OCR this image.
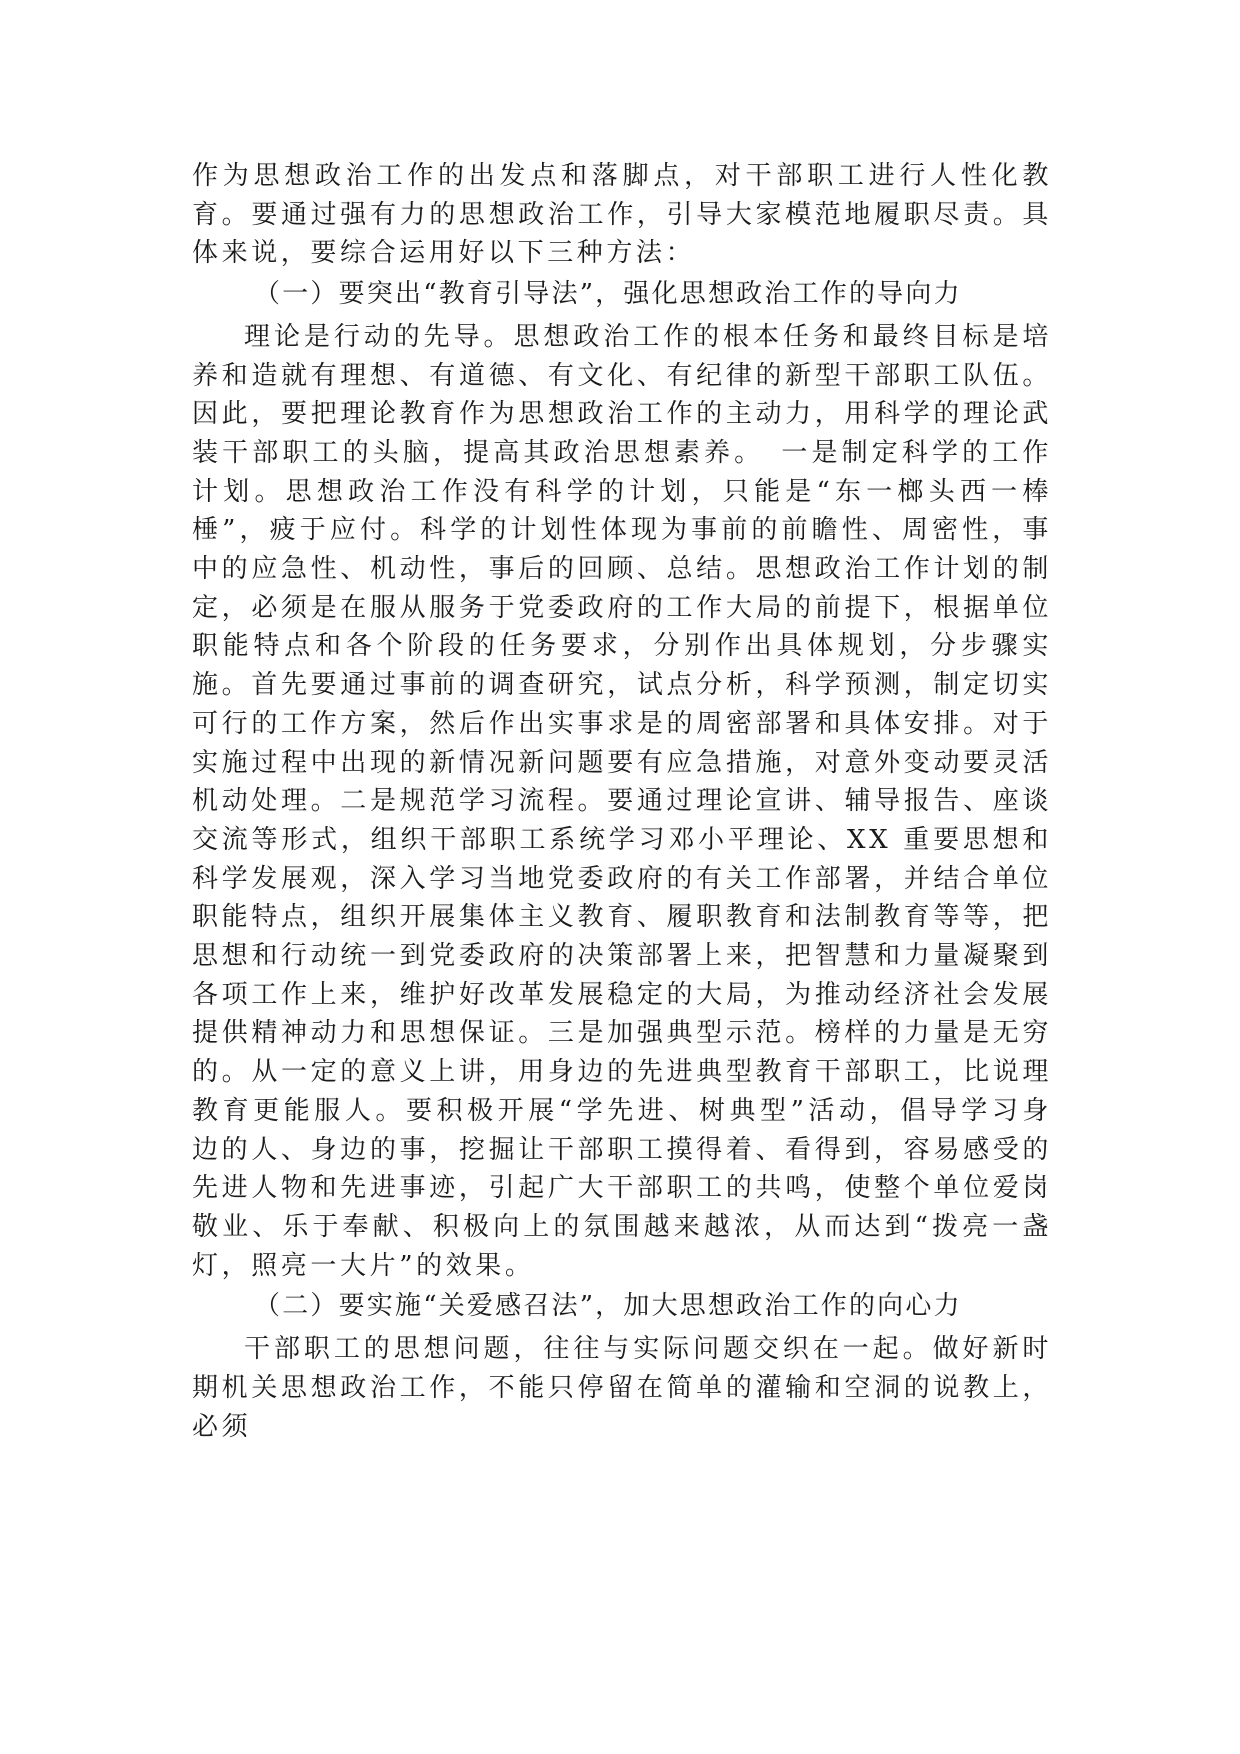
作为思想政治工作的出发点和落脚点，对干部职工进行人性化教育。要通过强有力的思想政治工作，引导大家模范地履职尽责。具体来说，要综合运用好以下三种方法：

（一）要突出“教育引导法”，强化思想政治工作的导向力

理论是行动的先导。思想政治工作的根本任务和最终目标是培养和造就有理想、有道德、有文化、有纪律的新型干部职工队伍。因此，要把理论教育作为思想政治工作的主动力，用科学的理论武装干部职工的头脑，提高其政治思想素养。　一是制定科学的工作计划。思想政治工作没有科学的计划，只能是“东一榔头西一棒棰”，疲于应付。科学的计划性体现为事前的前瞻性、周密性，事中的应急性、机动性，事后的回顾、总结。思想政治工作计划的制定，必须是在服从服务于党委政府的工作大局的前提下，根据单位职能特点和各个阶段的任务要求，分别作出具体规划，分步骤实施。首先要通过事前的调查研究，试点分析，科学预测，制定切实可行的工作方案，然后作出实事求是的周密部署和具体安排。对于实施过程中出现的新情况新问题要有应急措施，对意外变动要灵活机动处理。二是规范学习流程。要通过理论宣讲、辅导报告、座谈交流等形式，组织干部职工系统学习邓小平理论、XX 重要思想和科学发展观，深入学习当地党委政府的有关工作部署，并结合单位职能特点，组织开展集体主义教育、履职教育和法制教育等等，把思想和行动统一到党委政府的决策部署上来，把智慧和力量凝聚到各项工作上来，维护好改革发展稳定的大局，为推动经济社会发展提供精神动力和思想保证。三是加强典型示范。榜样的力量是无穷的。从一定的意义上讲，用身边的先进典型教育干部职工，比说理教育更能服人。要积极开展“学先进、树典型”活动，倡导学习身边的人、身边的事，挖掘让干部职工摸得着、看得到，容易感受的先进人物和先进事迹，引起广大干部职工的共鸣，使整个单位爱岗敬业、乐于奉献、积极向上的氛围越来越浓，从而达到“拨亮一盏灯，照亮一大片”的效果。

（二）要实施“关爱感召法”，加大思想政治工作的向心力

干部职工的思想问题，往往与实际问题交织在一起。做好新时期机关思想政治工作，不能只停留在简单的灌输和空洞的说教上，必须
